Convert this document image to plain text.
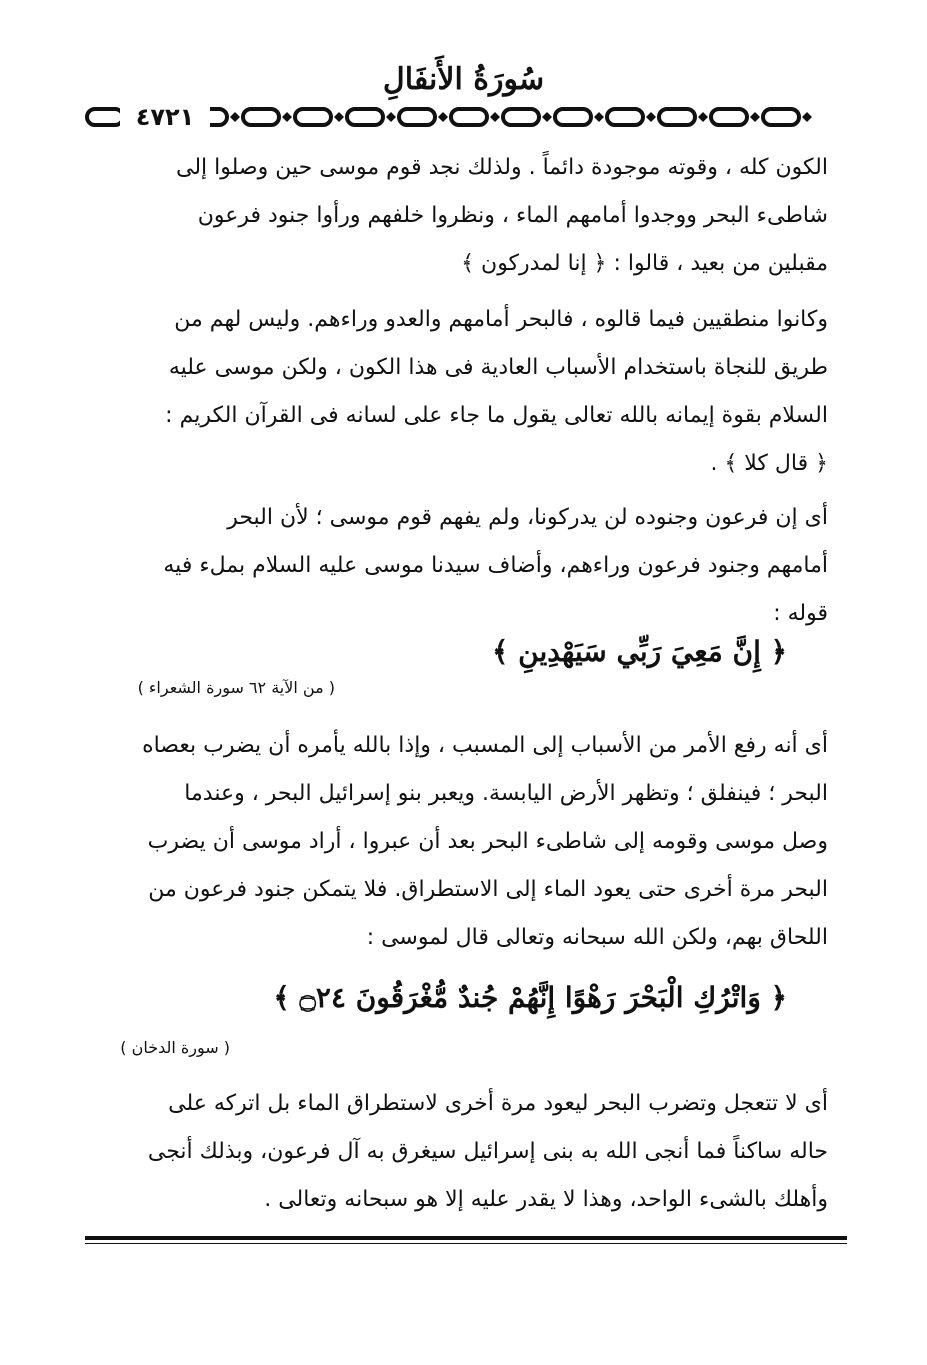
سُورَةُ الأَنفَالِ
٤٧٢١
الكون كله ، وقوته موجودة دائماً . ولذلك نجد قوم موسى حين وصلوا إلى
شاطىء البحر ووجدوا أمامهم الماء ، ونظروا خلفهم ورأوا جنود فرعون
مقبلين من بعيد ، قالوا : ﴿ إنا لمدركون ﴾
وكانوا منطقيين فيما قالوه ، فالبحر أمامهم والعدو وراءهم. وليس لهم من
طريق للنجاة باستخدام الأسباب العادية فى هذا الكون ، ولكن موسى عليه
السلام بقوة إيمانه بالله تعالى يقول ما جاء على لسانه فى القرآن الكريم :
﴿ قال كلا ﴾ .
أى إن فرعون وجنوده لن يدركونا، ولم يفهم قوم موسى ؛ لأن البحر
أمامهم وجنود فرعون وراءهم، وأضاف سيدنا موسى عليه السلام بملء فيه
قوله :
﴿ إِنَّ مَعِيَ رَبِّي سَيَهْدِينِ ﴾
( من الآية ٦٢ سورة الشعراء )
أى أنه رفع الأمر من الأسباب إلى المسبب ، وإذا بالله يأمره أن يضرب بعصاه
البحر ؛ فينفلق ؛ وتظهر الأرض اليابسة. ويعبر بنو إسرائيل البحر ، وعندما
وصل موسى وقومه إلى شاطىء البحر بعد أن عبروا ، أراد موسى أن يضرب
البحر مرة أخرى حتى يعود الماء إلى الاستطراق. فلا يتمكن جنود فرعون من
اللحاق بهم، ولكن الله سبحانه وتعالى قال لموسى :
﴿ وَاتْرُكِ الْبَحْرَ رَهْوًا إِنَّهُمْ جُندٌ مُّغْرَقُونَ ۝٢٤ ﴾
( سورة الدخان )
أى لا تتعجل وتضرب البحر ليعود مرة أخرى لاستطراق الماء بل اتركه على
حاله ساكناً فما أنجى الله به بنى إسرائيل سيغرق به آل فرعون، وبذلك أنجى
وأهلك بالشىء الواحد، وهذا لا يقدر عليه إلا هو سبحانه وتعالى .
